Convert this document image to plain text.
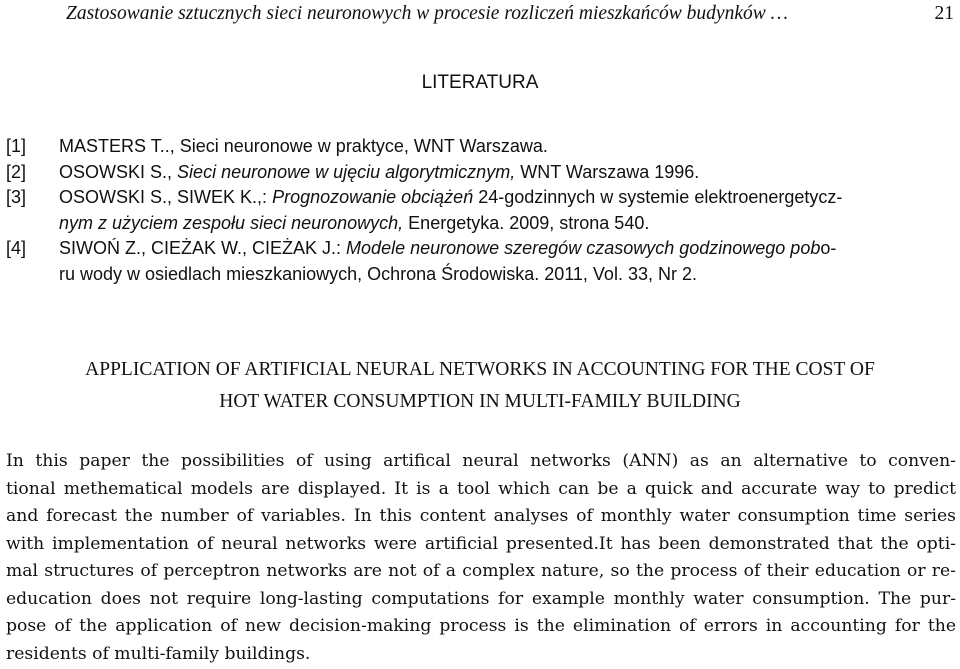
Zastosowanie sztucznych sieci neuronowych w procesie rozliczeń mieszkańców budynków …	21
LITERATURA
[1] MASTERS T.., Sieci neuronowe w praktyce, WNT Warszawa.
[2] OSOWSKI S., Sieci neuronowe w ujęciu algorytmicznym, WNT Warszawa 1996.
[3] OSOWSKI S., SIWEK K.,: Prognozowanie obciążeń 24-godzinnych w systemie elektroenergetycz-
nym z użyciem zespołu sieci neuronowych, Energetyka. 2009, strona 540.
[4] SIWOŃ Z., CIEŻAK W., CIEŻAK J.: Modele neuronowe szeregów czasowych godzinowego pobo-
ru wody w osiedlach mieszkaniowych, Ochrona Środowiska. 2011, Vol. 33, Nr 2.
APPLICATION OF ARTIFICIAL NEURAL NETWORKS IN ACCOUNTING FOR THE COST OF
HOT WATER CONSUMPTION IN MULTI-FAMILY BUILDING
In this paper the possibilities of using artifical neural networks (ANN) as an alternative to conven-
tional methematical models are displayed. It is a tool which can be a quick and accurate way to predict
and forecast the number of variables. In this content analyses of monthly water consumption time series
with implementation of neural networks were artificial presented.It has been demonstrated that the opti-
mal structures of perceptron networks are not of a complex nature, so the process of their education or re-
education does not require long-lasting computations for example monthly water consumption. The pur-
pose of the application of new decision-making process is the elimination of errors in accounting for the
residents of multi-family buildings.
